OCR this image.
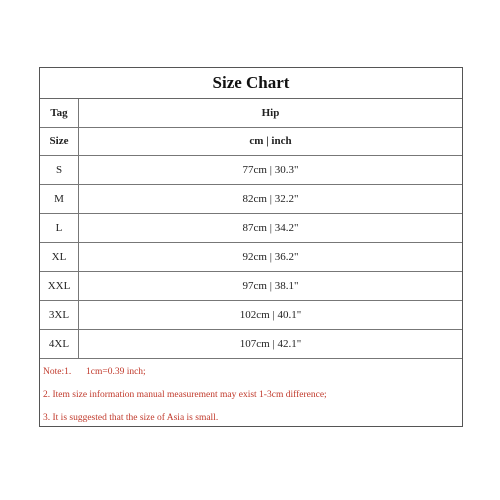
Size Chart
Tag	Hip
Size	cm | inch
S	77cm | 30.3"
M	82cm | 32.2"
L	87cm | 34.2"
XL	92cm | 36.2"
XXL	97cm | 38.1"
3XL	102cm | 40.1"
4XL	107cm | 42.1"
Note:1. 1cm=0.39 inch;
2. Item size information manual measurement may exist 1-3cm difference;
3. It is suggested that the size of Asia is small.
